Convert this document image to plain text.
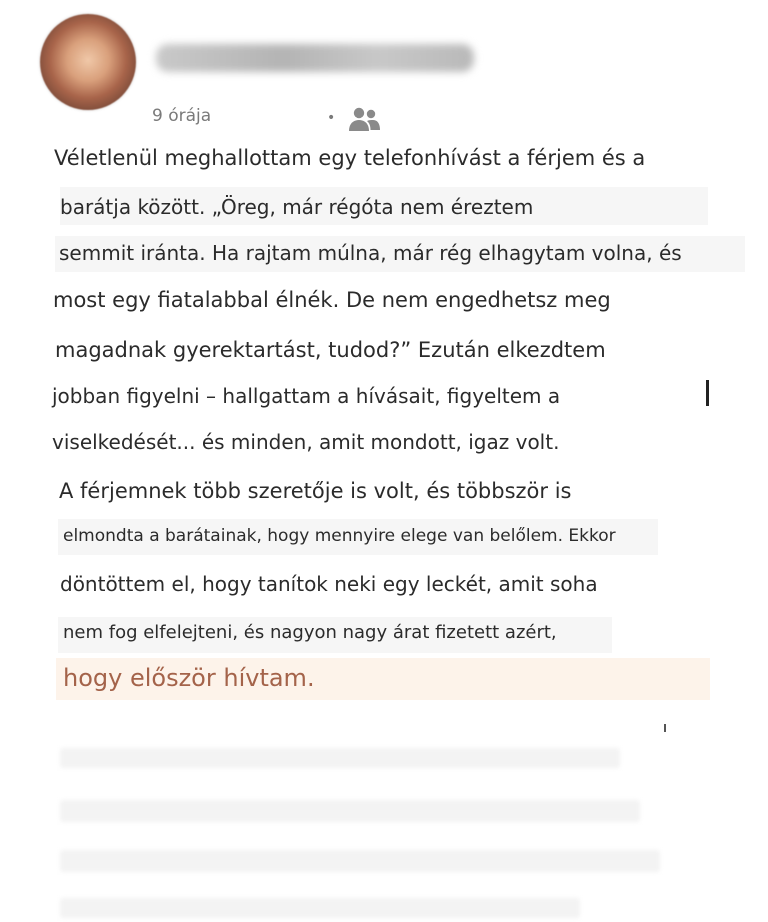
9 órája	•

Véletlenül meghallottam egy telefonhívást a férjem és a

barátja között. „Öreg, már régóta nem éreztem

semmit iránta. Ha rajtam múlna, már rég elhagytam volna, és

most egy fiatalabbal élnék. De nem engedhetsz meg

magadnak gyerektartást, tudod?” Ezután elkezdtem

jobban figyelni – hallgattam a hívásait, figyeltem a

viselkedését... és minden, amit mondott, igaz volt.

A férjemnek több szeretője is volt, és többször is

elmondta a barátainak, hogy mennyire elege van belőlem. Ekkor

döntöttem el, hogy tanítok neki egy leckét, amit soha

nem fog elfelejteni, és nagyon nagy árat fizetett azért,

hogy először hívtam.
